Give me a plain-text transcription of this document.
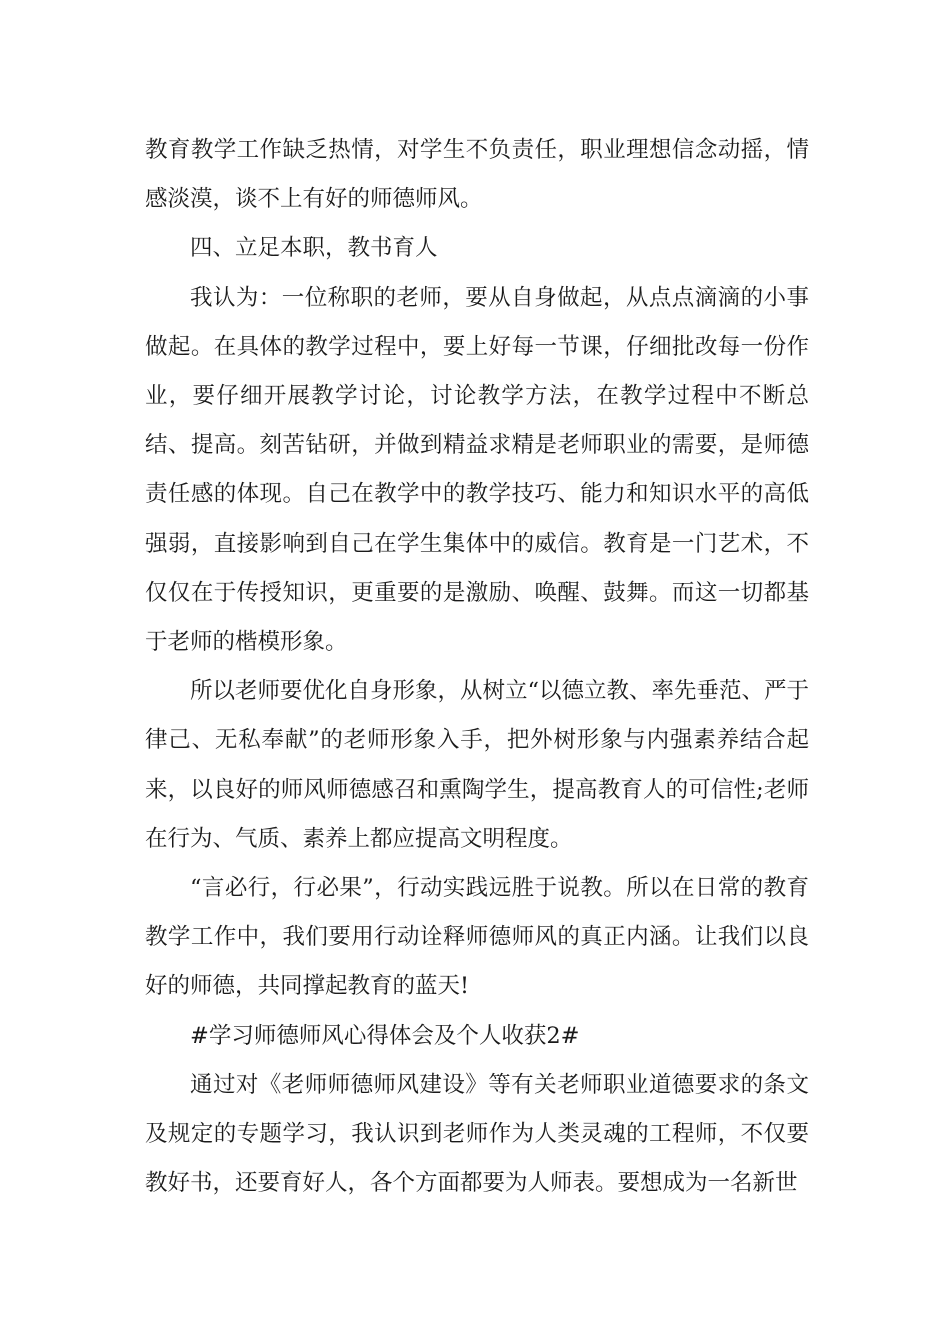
教育教学工作缺乏热情，对学生不负责任，职业理想信念动摇，情感淡漠，谈不上有好的师德师风。

四、立足本职，教书育人

我认为：一位称职的老师，要从自身做起，从点点滴滴的小事做起。在具体的教学过程中，要上好每一节课，仔细批改每一份作业，要仔细开展教学讨论，讨论教学方法，在教学过程中不断总结、提高。刻苦钻研，并做到精益求精是老师职业的需要，是师德责任感的体现。自己在教学中的教学技巧、能力和知识水平的高低强弱，直接影响到自己在学生集体中的威信。教育是一门艺术，不仅仅在于传授知识，更重要的是激励、唤醒、鼓舞。而这一切都基于老师的楷模形象。

所以老师要优化自身形象，从树立“以德立教、率先垂范、严于律己、无私奉献”的老师形象入手，把外树形象与内强素养结合起来，以良好的师风师德感召和熏陶学生，提高教育人的可信性;老师在行为、气质、素养上都应提高文明程度。

“言必行，行必果”，行动实践远胜于说教。所以在日常的教育教学工作中，我们要用行动诠释师德师风的真正内涵。让我们以良好的师德，共同撑起教育的蓝天!

#学习师德师风心得体会及个人收获2#

通过对《老师师德师风建设》等有关老师职业道德要求的条文及规定的专题学习，我认识到老师作为人类灵魂的工程师，不仅要教好书，还要育好人，各个方面都要为人师表。要想成为一名新世
